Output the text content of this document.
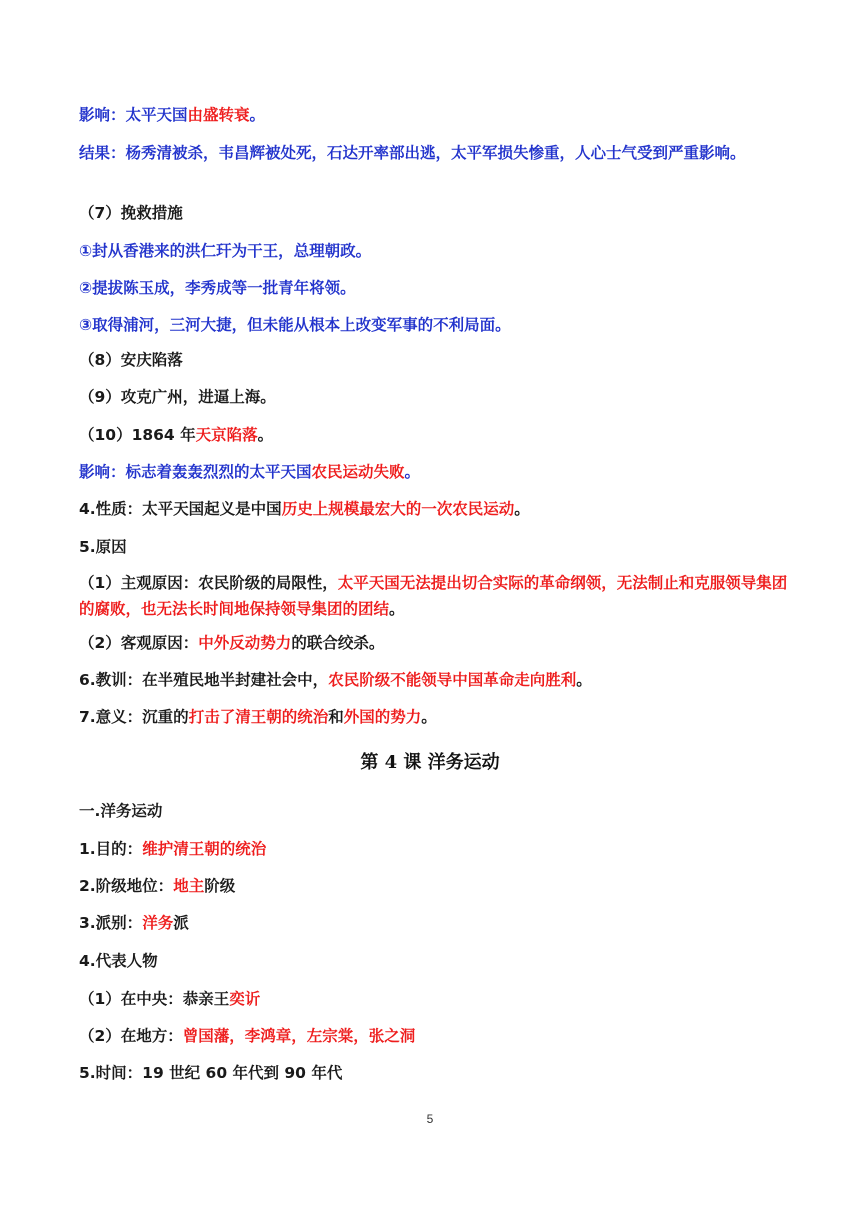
影响：太平天国由盛转衰。
结果：杨秀清被杀，韦昌辉被处死，石达开率部出逃，太平军损失惨重，人心士气受到严重影响。
（7）挽救措施
①封从香港来的洪仁玕为干王，总理朝政。
②提拔陈玉成，李秀成等一批青年将领。
③取得浦河，三河大捷，但未能从根本上改变军事的不利局面。
（8）安庆陷落
（9）攻克广州，进逼上海。
（10）1864 年天京陷落。
影响：标志着轰轰烈烈的太平天国农民运动失败。
4.性质：太平天国起义是中国历史上规模最宏大的一次农民运动。
5.原因
（1）主观原因：农民阶级的局限性，太平天国无法提出切合实际的革命纲领，无法制止和克服领导集团的腐败，也无法长时间地保持领导集团的团结。
（2）客观原因：中外反动势力的联合绞杀。
6.教训：在半殖民地半封建社会中，农民阶级不能领导中国革命走向胜利。
7.意义：沉重的打击了清王朝的统治和外国的势力。
第 4 课 洋务运动
一.洋务运动
1.目的：维护清王朝的统治
2.阶级地位：地主阶级
3.派别：洋务派
4.代表人物
（1）在中央：恭亲王奕䜣
（2）在地方：曾国藩，李鸿章，左宗棠，张之洞
5.时间：19 世纪 60 年代到 90 年代
5
